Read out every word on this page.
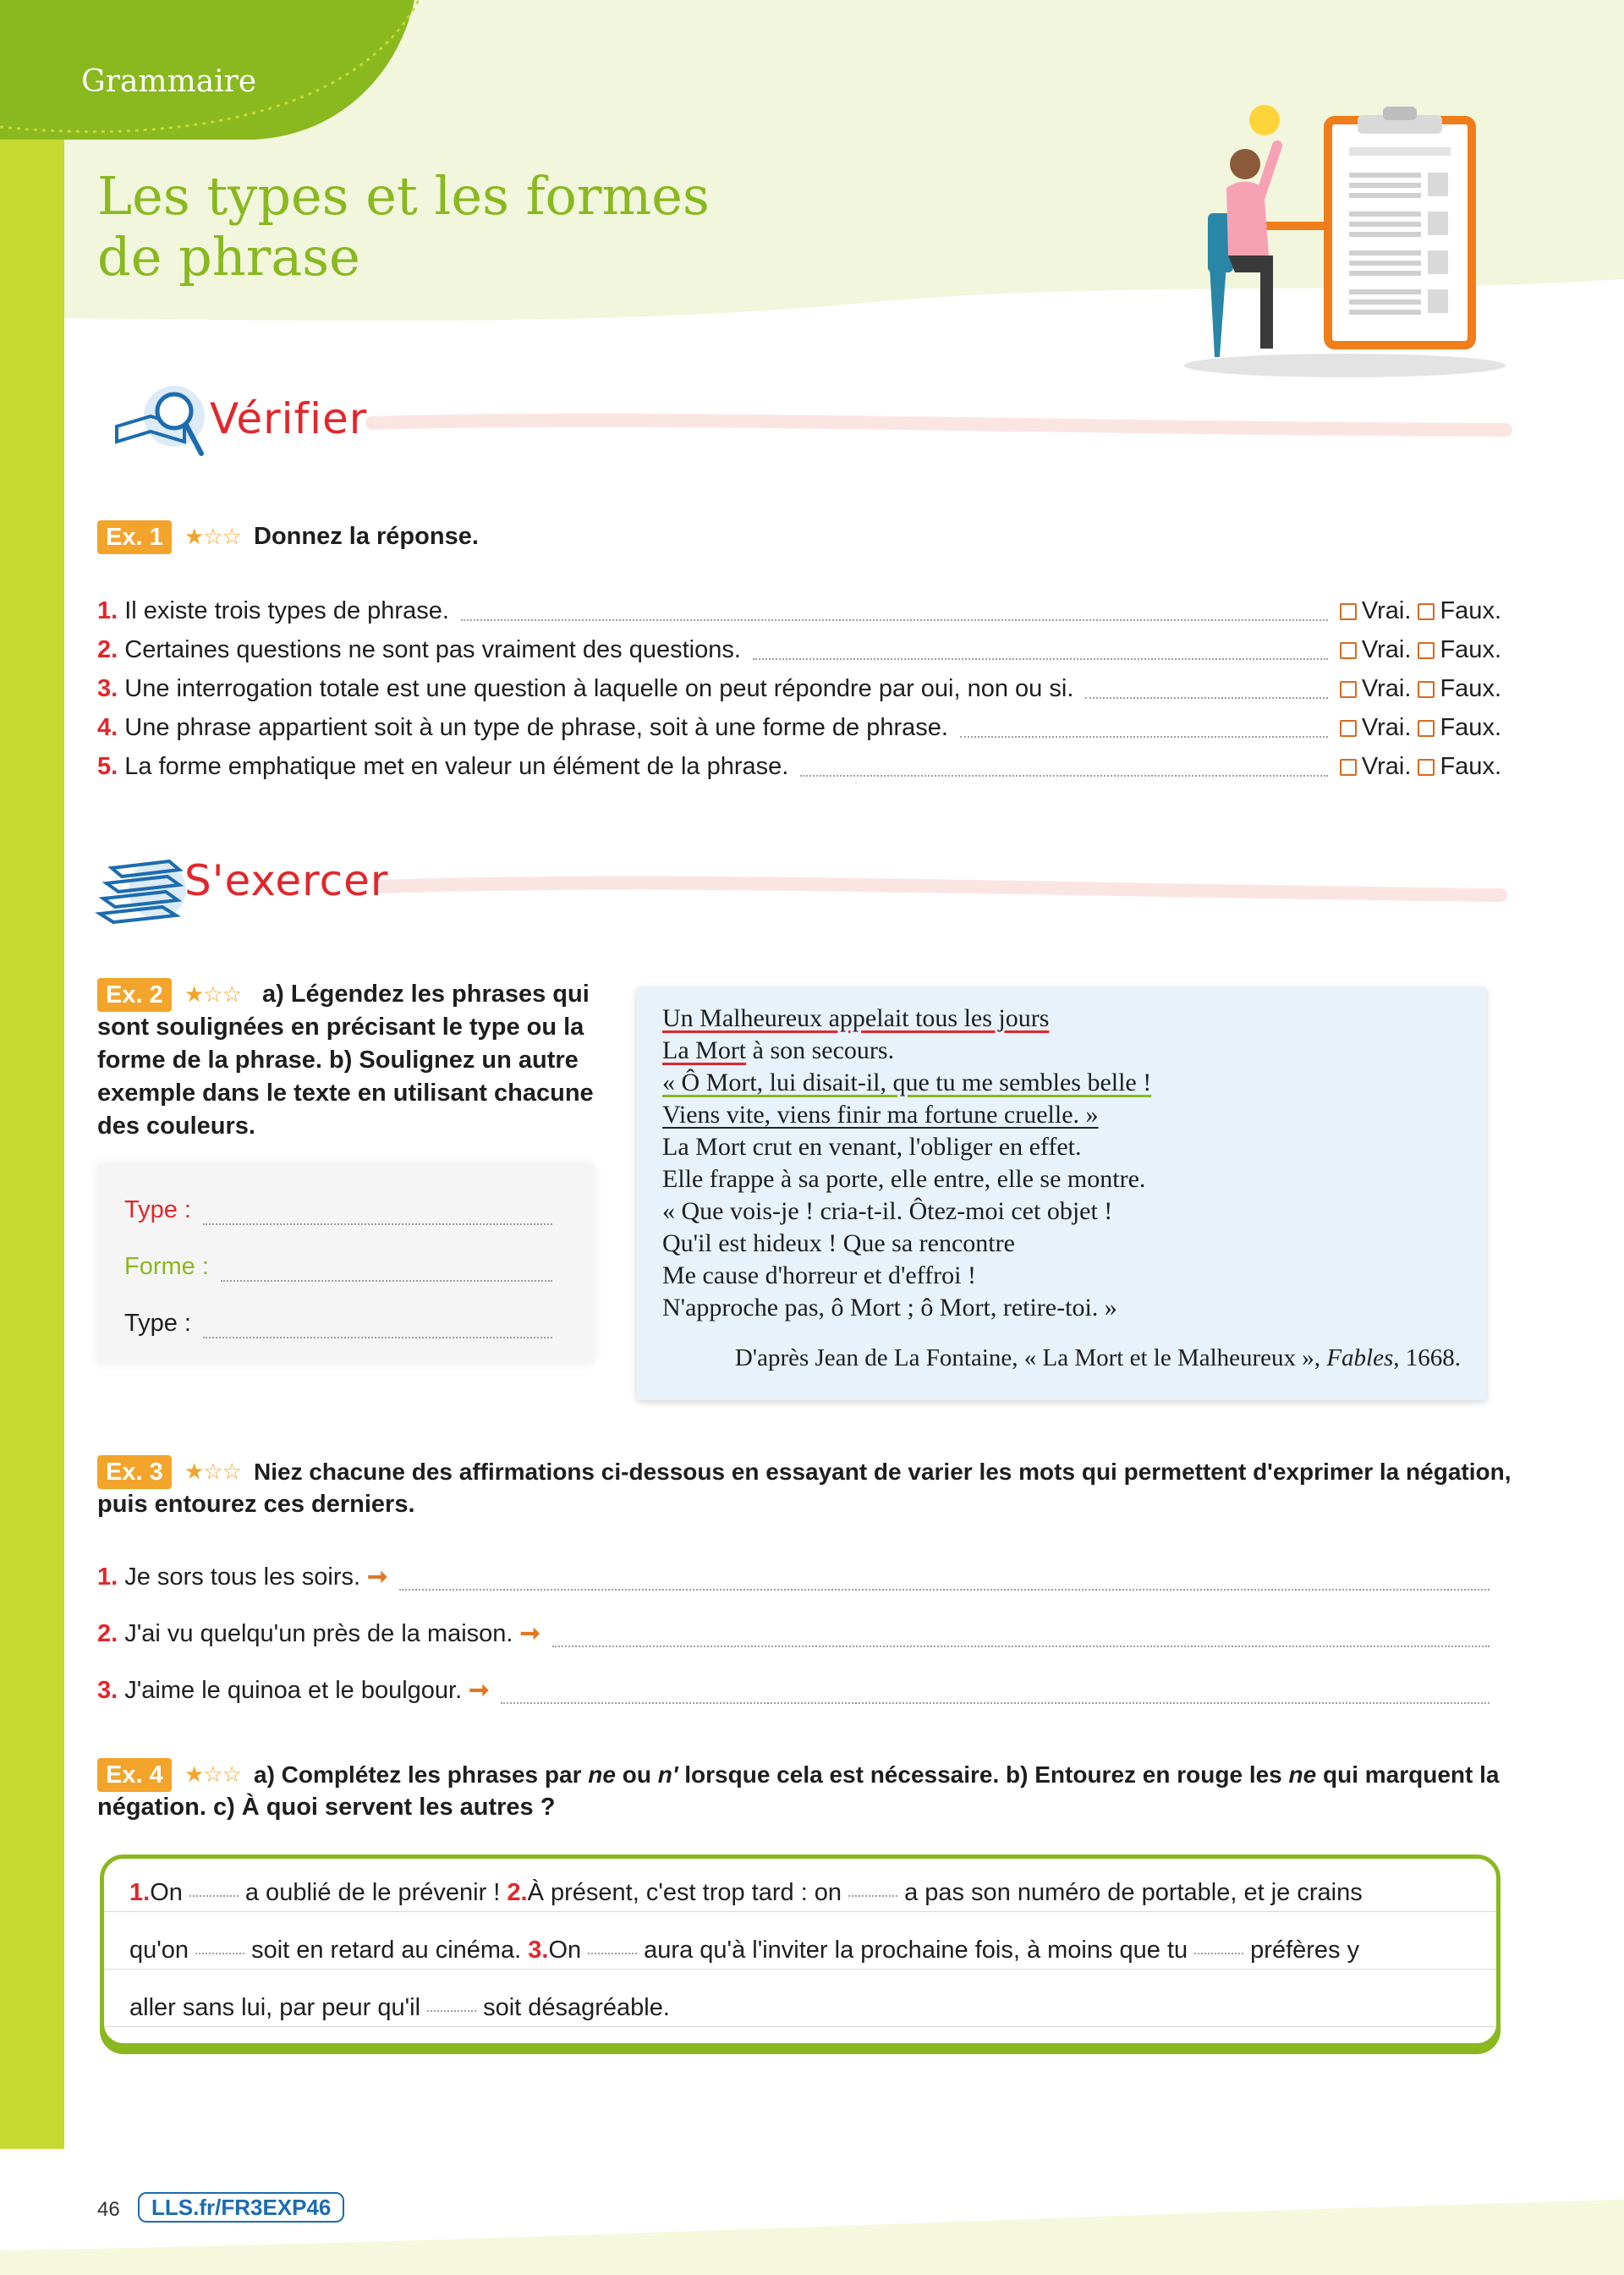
Grammaire
Les types et les formes
de phrase
Vérifier
Ex. 1 ★☆☆ Donnez la réponse.
1. Il existe trois types de phrase.	Vrai. Faux.
2. Certaines questions ne sont pas vraiment des questions.	Vrai. Faux.
3. Une interrogation totale est une question à laquelle on peut répondre par oui, non ou si.	Vrai. Faux.
4. Une phrase appartient soit à un type de phrase, soit à une forme de phrase.	Vrai. Faux.
5. La forme emphatique met en valeur un élément de la phrase.	Vrai. Faux.
S'exercer
Ex. 2 ★☆☆ a) Légendez les phrases qui
sont soulignées en précisant le type ou la
forme de la phrase. b) Soulignez un autre
exemple dans le texte en utilisant chacune
des couleurs.
Type :
Forme :
Type :
Un Malheureux appelait tous les jours
La Mort à son secours.
« Ô Mort, lui disait-il, que tu me sembles belle !
Viens vite, viens finir ma fortune cruelle. »
La Mort crut en venant, l'obliger en effet.
Elle frappe à sa porte, elle entre, elle se montre.
« Que vois-je ! cria-t-il. Ôtez-moi cet objet !
Qu'il est hideux ! Que sa rencontre
Me cause d'horreur et d'effroi !
N'approche pas, ô Mort ; ô Mort, retire-toi. »
D'après Jean de La Fontaine, « La Mort et le Malheureux », Fables, 1668.
Ex. 3 ★☆☆ Niez chacune des affirmations ci-dessous en essayant de varier les mots qui permettent d'exprimer la négation,
puis entourez ces derniers.
1. Je sors tous les soirs. ➞
2. J'ai vu quelqu'un près de la maison. ➞
3. J'aime le quinoa et le boulgour. ➞
Ex. 4 ★☆☆ a) Complétez les phrases par ne ou n' lorsque cela est nécessaire. b) Entourez en rouge les ne qui marquent la
négation. c) À quoi servent les autres ?
1.On	a oublié de le prévenir ! 2.À présent, c'est trop tard : on	a pas son numéro de portable, et je crains
qu'on	soit en retard au cinéma. 3.On	aura qu'à l'inviter la prochaine fois, à moins que tu	préfères y
aller sans lui, par peur qu'il	soit désagréable.
46	LLS.fr/FR3EXP46
